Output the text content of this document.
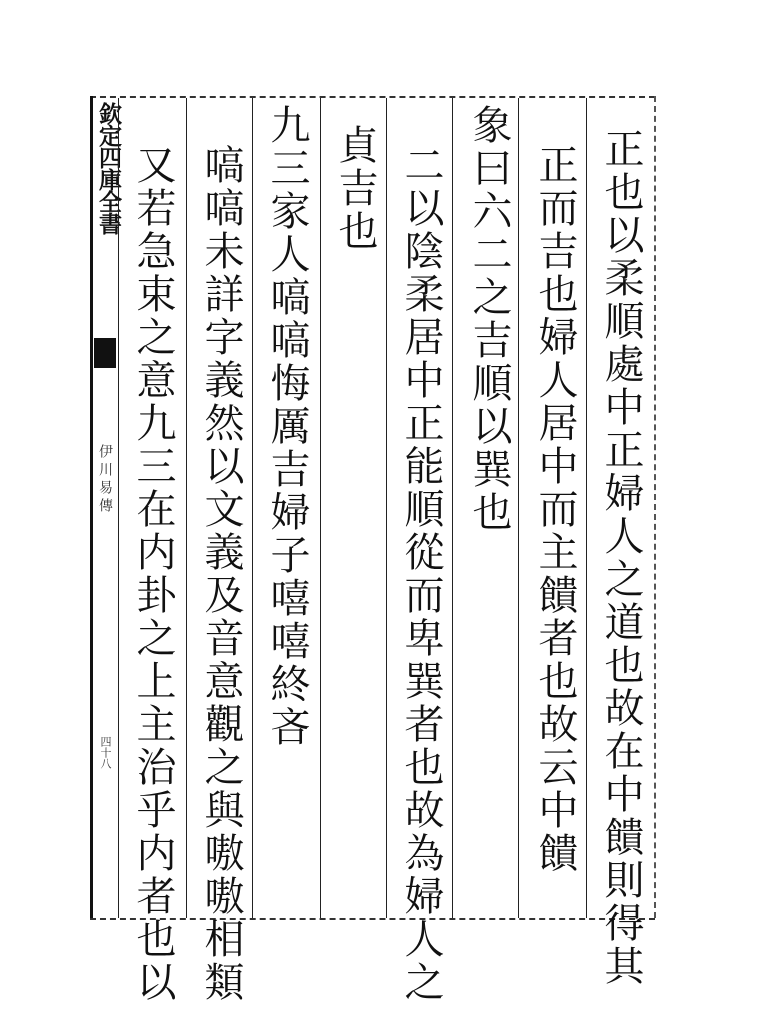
欽定四庫全書
伊川易傳
四十八	正也以柔順處中正婦人之道也故在中饋則得其
正而吉也婦人居中而主饋者也故云中饋
象曰六二之吉順以巽也
二以陰柔居中正能順從而卑巽者也故為婦人之
貞吉也
九三家人嗃嗃悔厲吉婦子嘻嘻終吝
嗃嗃未詳字義然以文義及音意觀之與嗷嗷相類
又若急束之意九三在内卦之上主治乎内者也以
